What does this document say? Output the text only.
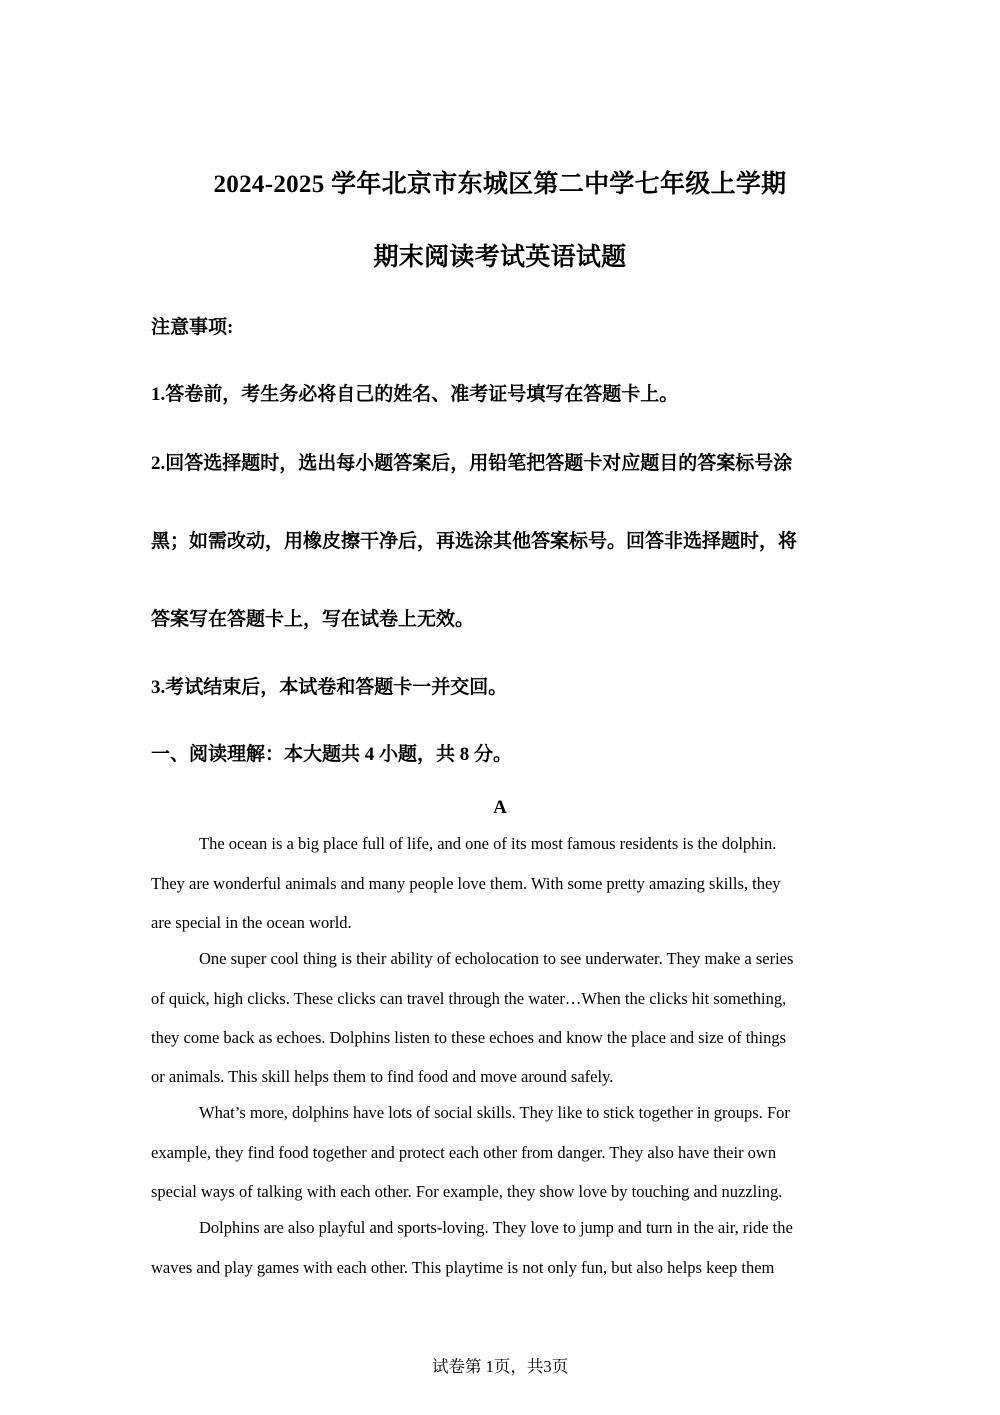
2024-2025 学年北京市东城区第二中学七年级上学期
期末阅读考试英语试题
注意事项:
1.答卷前，考生务必将自己的姓名、准考证号填写在答题卡上。
2.回答选择题时，选出每小题答案后，用铅笔把答题卡对应题目的答案标号涂
黑；如需改动，用橡皮擦干净后，再选涂其他答案标号。回答非选择题时，将
答案写在答题卡上，写在试卷上无效。
3.考试结束后，本试卷和答题卡一并交回。
一、阅读理解：本大题共 4 小题，共 8 分。
A
The ocean is a big place full of life, and one of its most famous residents is the dolphin.
They are wonderful animals and many people love them. With some pretty amazing skills, they
are special in the ocean world.
One super cool thing is their ability of echolocation to see underwater. They make a series
of quick, high clicks. These clicks can travel through the water…When the clicks hit something,
they come back as echoes. Dolphins listen to these echoes and know the place and size of things
or animals. This skill helps them to find food and move around safely.
What’s more, dolphins have lots of social skills. They like to stick together in groups. For
example, they find food together and protect each other from danger. They also have their own
special ways of talking with each other. For example, they show love by touching and nuzzling.
Dolphins are also playful and sports-loving. They love to jump and turn in the air, ride the
waves and play games with each other. This playtime is not only fun, but also helps keep them
试卷第 1页，共3页
